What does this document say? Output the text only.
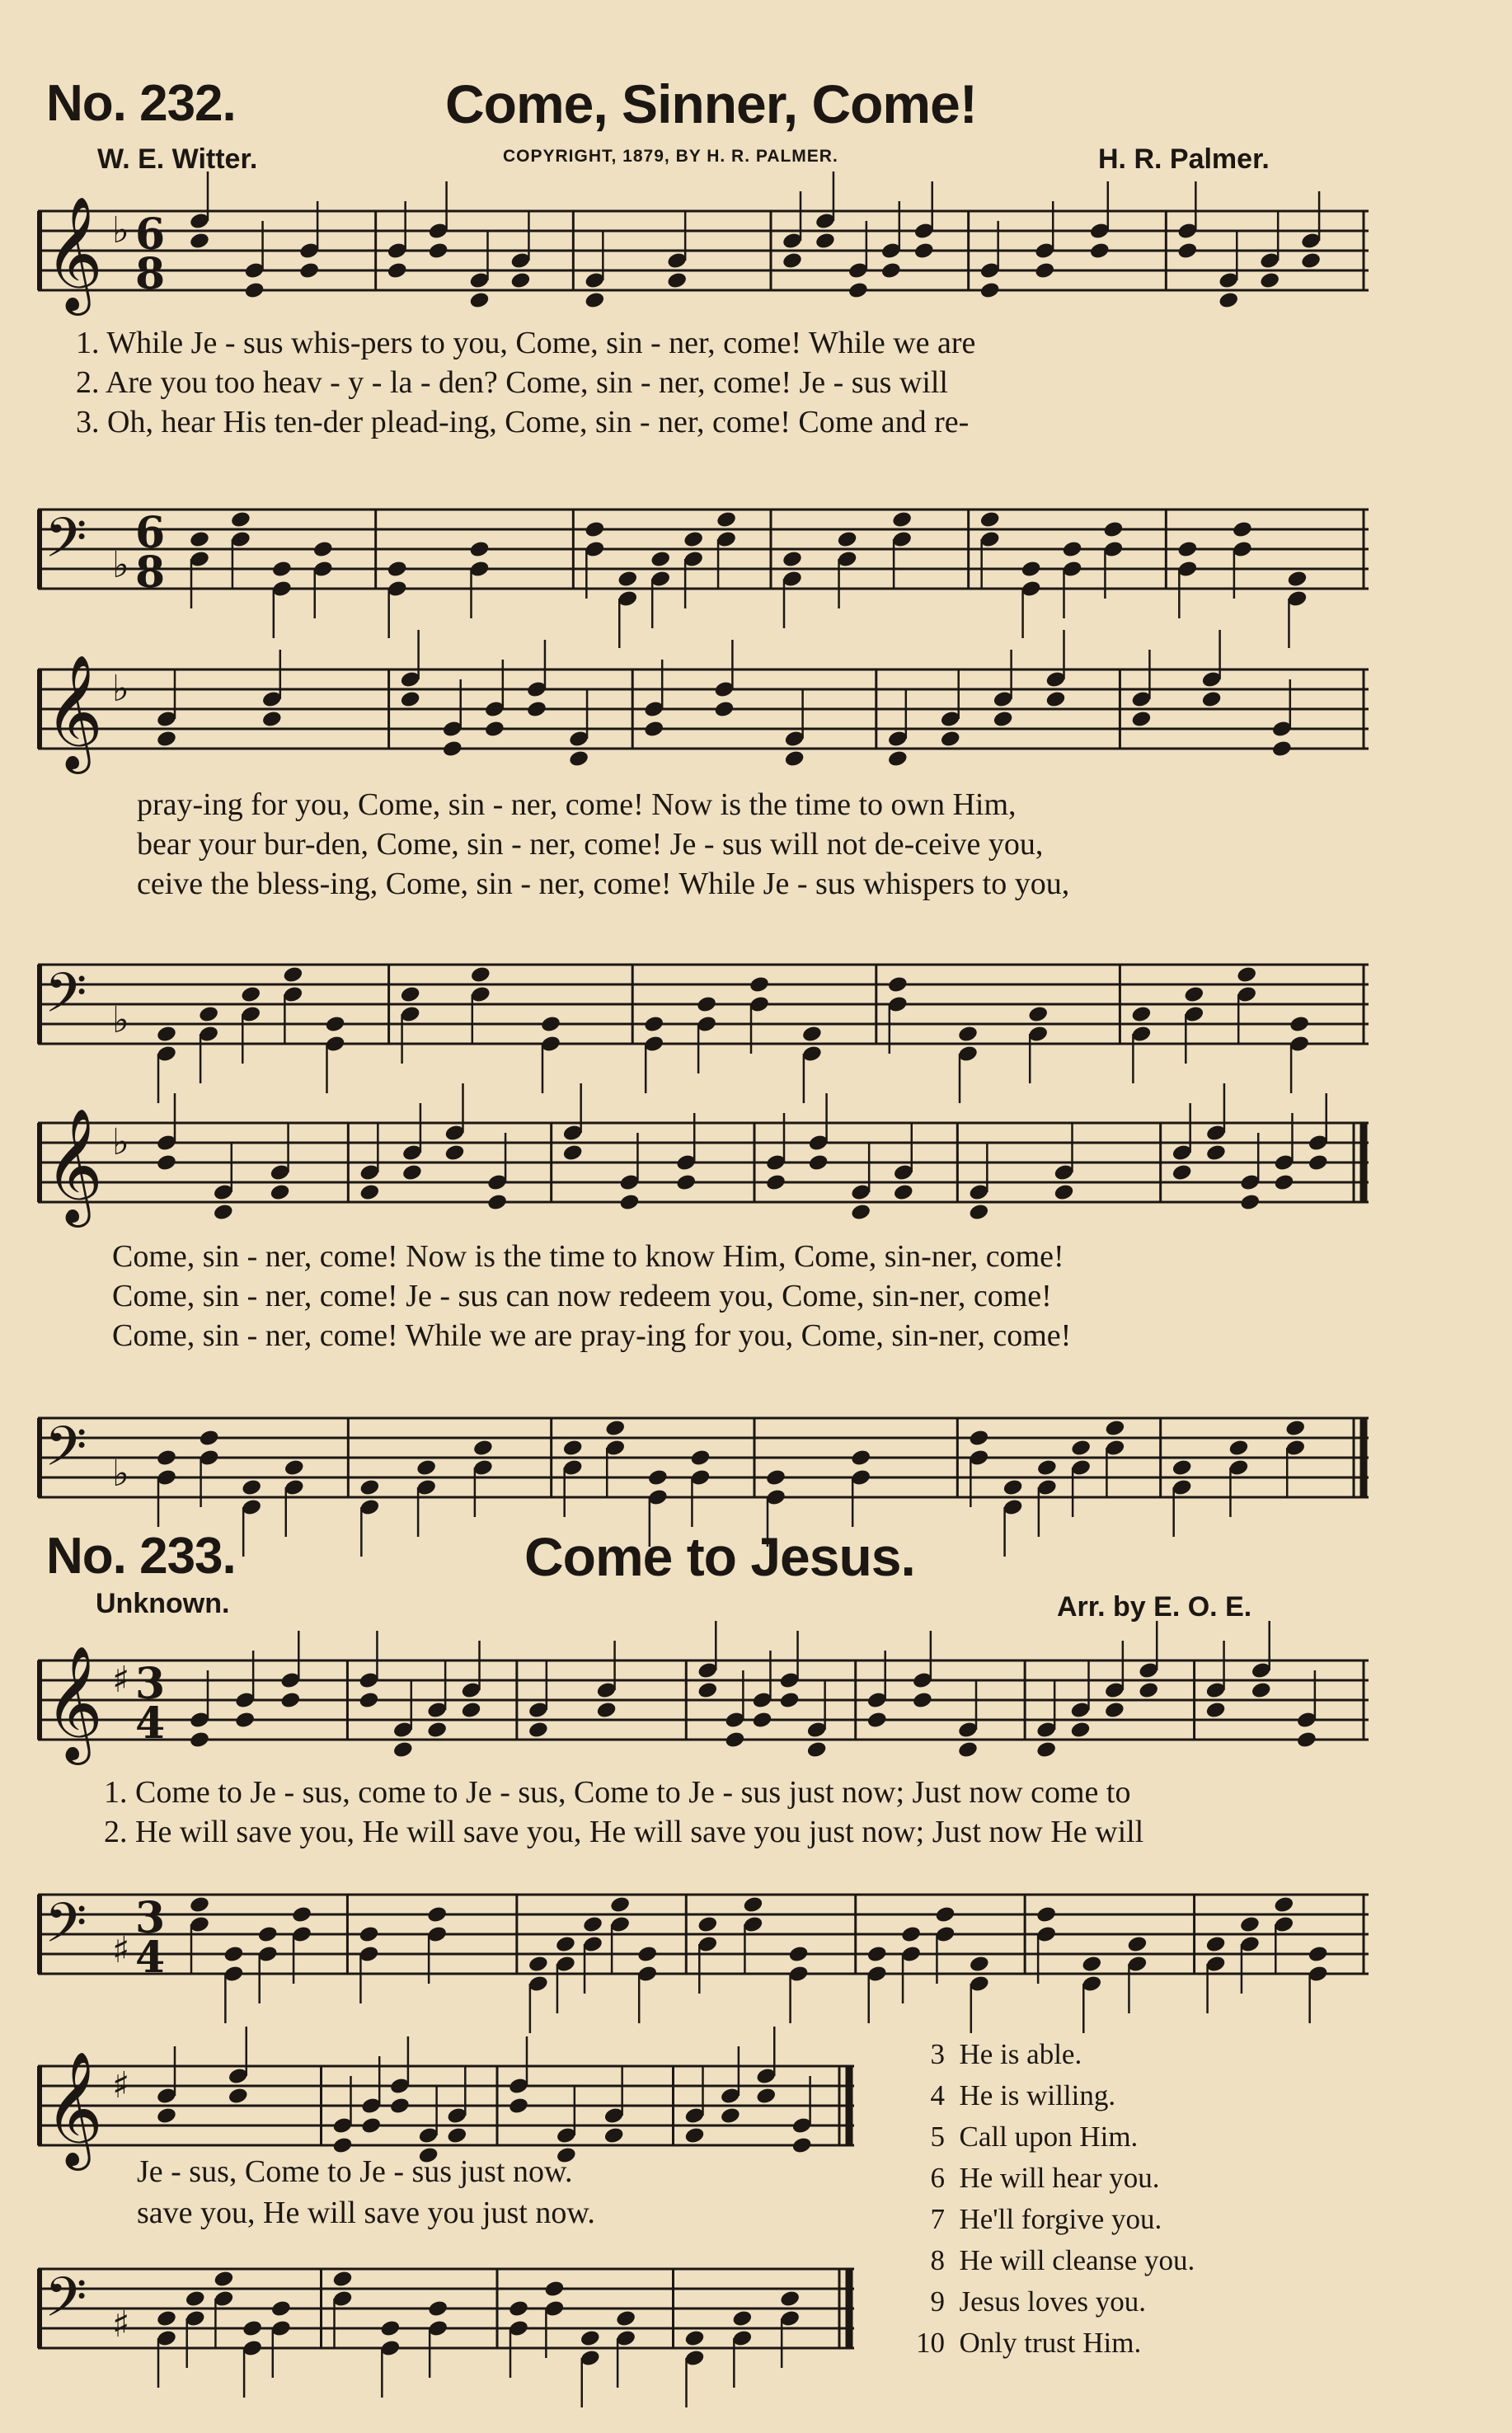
No. 232.	Come, Sinner, Come!
W. E. Witter.	COPYRIGHT, 1879, BY H. R. PALMER.	H. R. Palmer.
𝄞 ♭ 6
8
1. While Je - sus whis-pers to you, Come, sin - ner, come! While we are
2. Are you too heav - y - la - den? Come, sin - ner, come! Je - sus will
3. Oh, hear His ten-der plead-ing, Come, sin - ner, come! Come and re-
𝄢 ♭
6
8
𝄞 ♭
pray-ing for you, Come, sin - ner, come! Now is the time to own Him,
bear your bur-den, Come, sin - ner, come! Je - sus will not de-ceive you,
ceive the bless-ing, Come, sin - ner, come! While Je - sus whispers to you,
𝄢 ♭
𝄞 ♭
Come, sin - ner, come! Now is the time to know Him, Come, sin-ner, come!
Come, sin - ner, come! Je - sus can now redeem you, Come, sin-ner, come!
Come, sin - ner, come! While we are pray-ing for you, Come, sin-ner, come!
𝄢 ♭
No. 233.	Come to Jesus.
Unknown.	Arr. by E. O. E.
𝄞 ♯ 3
4
1. Come to Je - sus, come to Je - sus, Come to Je - sus just now; Just now come to
2. He will save you, He will save you, He will save you just now; Just now He will
𝄢 ♯
3
4
𝄞 ♯
Je - sus, Come to Je - sus just now.
save you, He will save you just now.
𝄢 ♯
3 He is able.
4 He is willing.
5 Call upon Him.
6 He will hear you.
7 He'll forgive you.
8 He will cleanse you.
9 Jesus loves you.
10 Only trust Him.
